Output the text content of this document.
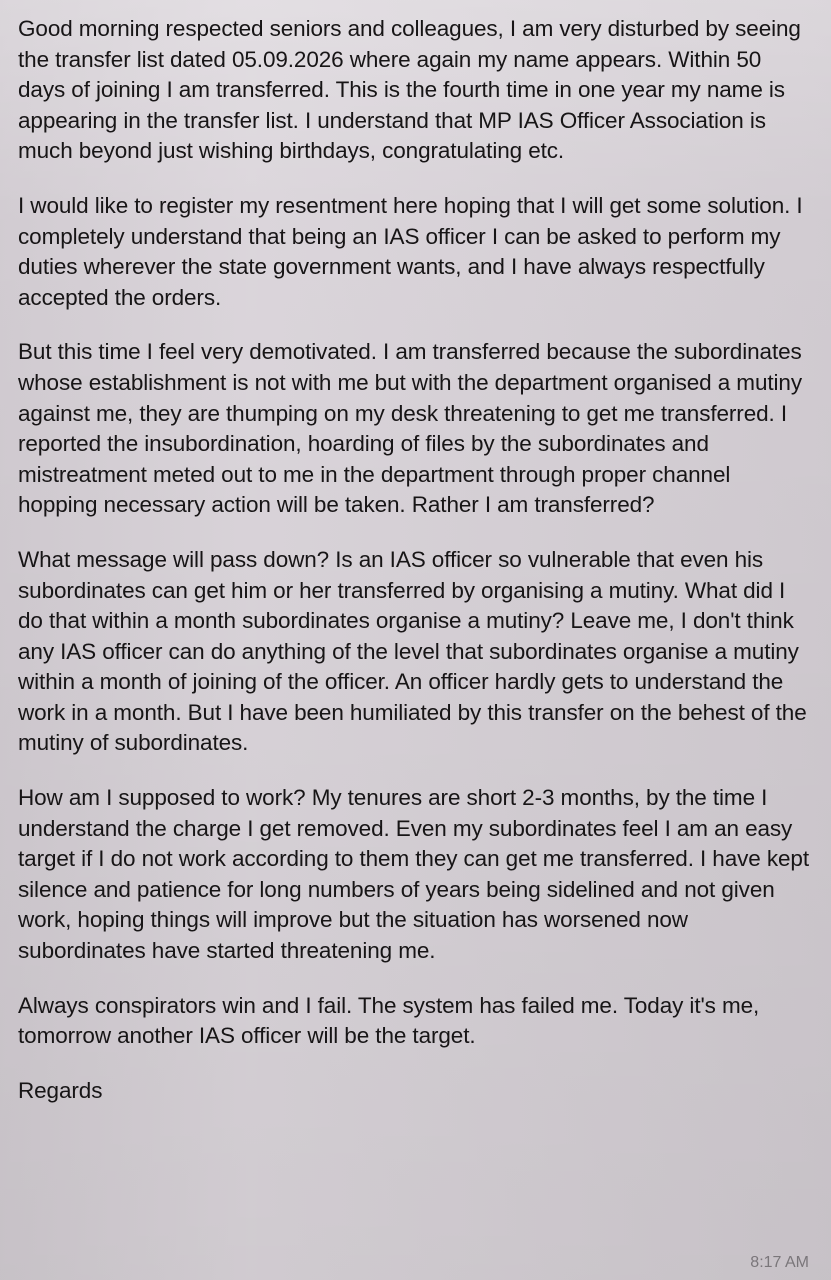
Good morning respected seniors and colleagues, I am very disturbed by seeing the transfer list dated 05.09.2026 where again my name appears. Within 50 days of joining I am transferred. This is the fourth time in one year my name is appearing in the transfer list. I understand that MP IAS Officer Association is much beyond just wishing birthdays, congratulating etc.

I would like to register my resentment here hoping that I will get some solution. I completely understand that being an IAS officer I can be asked to perform my duties wherever the state government wants, and I have always respectfully accepted the orders.

But this time I feel very demotivated. I am transferred because the subordinates whose establishment is not with me but with the department organised a mutiny against me, they are thumping on my desk threatening to get me transferred. I reported the insubordination, hoarding of files by the subordinates and mistreatment meted out to me in the department through proper channel hopping necessary action will be taken. Rather I am transferred?

What message will pass down? Is an IAS officer so vulnerable that even his subordinates can get him or her transferred by organising a mutiny. What did I do that within a month subordinates organise a mutiny? Leave me, I don't think any IAS officer can do anything of the level that subordinates organise a mutiny within a month of joining of the officer. An officer hardly gets to understand the work in a month. But I have been humiliated by this transfer on the behest of the mutiny of subordinates.

How am I supposed to work? My tenures are short 2-3 months, by the time I understand the charge I get removed. Even my subordinates feel I am an easy target if I do not work according to them they can get me transferred. I have kept silence and patience for long numbers of years being sidelined and not given work, hoping things will improve but the situation has worsened now subordinates have started threatening me.

Always conspirators win and I fail. The system has failed me. Today it's me, tomorrow another IAS officer will be the target.

Regards
8:17 AM
